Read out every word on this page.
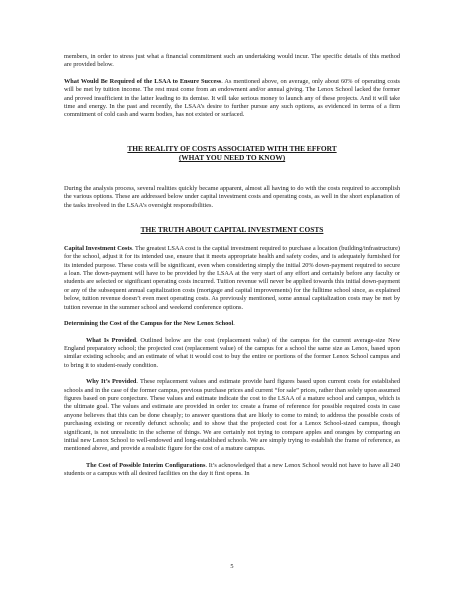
members, in order to stress just what a financial commitment such an undertaking would incur. The specific details of this method are provided below.

What Would Be Required of the LSAA to Ensure Success. As mentioned above, on average, only about 60% of operating costs will be met by tuition income. The rest must come from an endowment and/or annual giving. The Lenox School lacked the former and proved insufficient in the latter leading to its demise. It will take serious money to launch any of these projects. And it will take time and energy. In the past and recently, the LSAA’s desire to further pursue any such options, as evidenced in terms of a firm commitment of cold cash and warm bodies, has not existed or surfaced.

THE REALITY OF COSTS ASSOCIATED WITH THE EFFORT
(WHAT YOU NEED TO KNOW)

During the analysis process, several realities quickly became apparent, almost all having to do with the costs required to accomplish the various options. These are addressed below under capital investment costs and operating costs, as well in the short explanation of the tasks involved in the LSAA’s oversight responsibilities.

THE TRUTH ABOUT CAPITAL INVESTMENT COSTS

Capital Investment Costs. The greatest LSAA cost is the capital investment required to purchase a location (building/infrastructure) for the school, adjust it for its intended use, ensure that it meets appropriate health and safety codes, and is adequately furnished for its intended purpose. These costs will be significant, even when considering simply the initial 20% down-payment required to secure a loan. The down-payment will have to be provided by the LSAA at the very start of any effort and certainly before any faculty or students are selected or significant operating costs incurred. Tuition revenue will never be applied towards this initial down-payment or any of the subsequent annual capitalization costs (mortgage and capital improvements) for the fulltime school since, as explained below, tuition revenue doesn’t even meet operating costs. As previously mentioned, some annual capitalization costs may be met by tuition revenue in the summer school and weekend conference options.

Determining the Cost of the Campus for the New Lenox School.

What Is Provided. Outlined below are the cost (replacement value) of the campus for the current average-size New England preparatory school; the projected cost (replacement value) of the campus for a school the same size as Lenox, based upon similar existing schools; and an estimate of what it would cost to buy the entire or portions of the former Lenox School campus and to bring it to student-ready condition.

Why It’s Provided. These replacement values and estimate provide hard figures based upon current costs for established schools and in the case of the former campus, previous purchase prices and current “for sale” prices, rather than solely upon assumed figures based on pure conjecture. These values and estimate indicate the cost to the LSAA of a mature school and campus, which is the ultimate goal. The values and estimate are provided in order to: create a frame of reference for possible required costs in case anyone believes that this can be done cheaply; to answer questions that are likely to come to mind; to address the possible costs of purchasing existing or recently defunct schools; and to show that the projected cost for a Lenox School-sized campus, though significant, is not unrealistic in the scheme of things. We are certainly not trying to compare apples and oranges by comparing an initial new Lenox School to well-endowed and long-established schools. We are simply trying to establish the frame of reference, as mentioned above, and provide a realistic figure for the cost of a mature campus.

The Cost of Possible Interim Configurations. It’s acknowledged that a new Lenox School would not have to have all 240 students or a campus with all desired facilities on the day it first opens. In

5
